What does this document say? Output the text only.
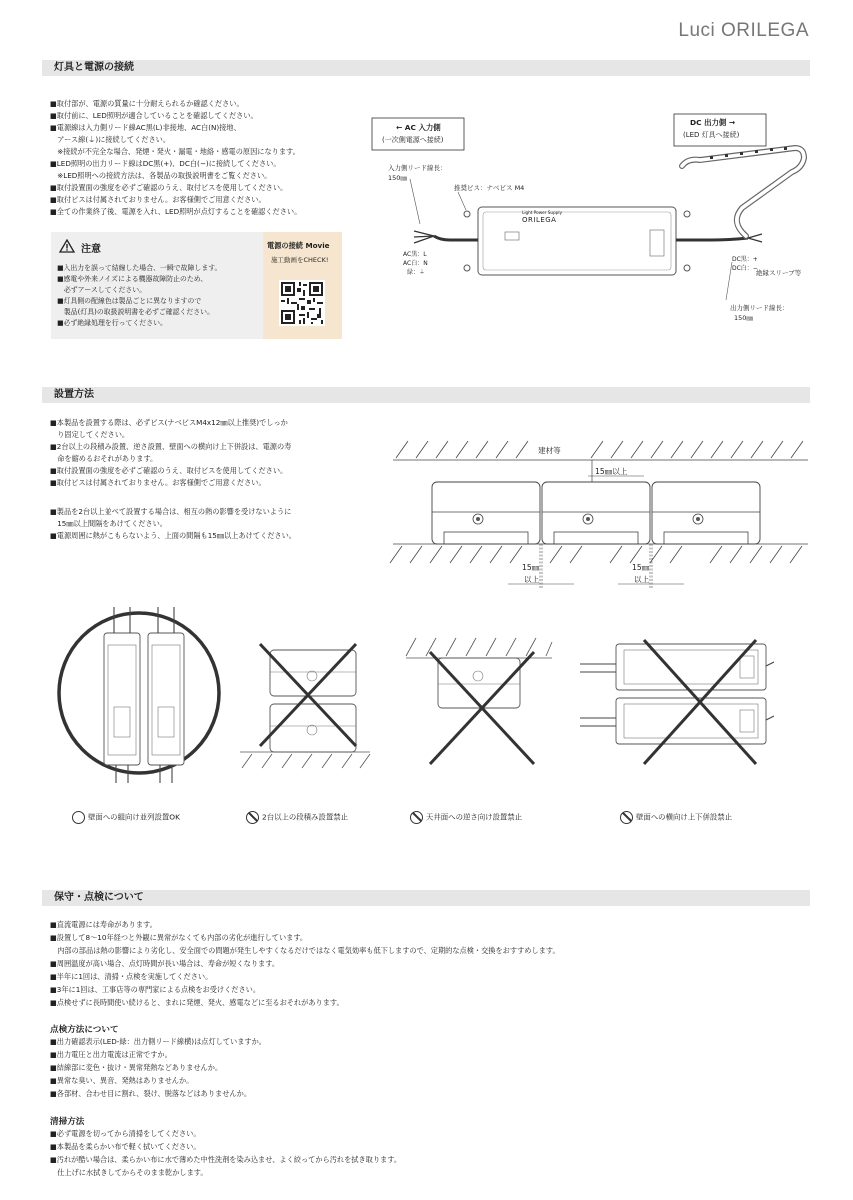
Luci ORILEGA
灯具と電源の接続
■取付部が、電源の質量に十分耐えられるか確認ください。
■取付前に、LED照明が適合していることを確認してください。
■電源線は入力側リード線AC黒(L)非接地、AC白(N)接地、
　アース線(⏚)に接続してください。
　※接続が不完全な場合、発煙・発火・漏電・地絡・感電の原因になります。
■LED照明の出力リード線はDC黒(+)、DC白(−)に接続してください。
　※LED照明への接続方法は、各製品の取扱説明書をご覧ください。
■取付設置面の強度を必ずご確認のうえ、取付ビスを使用してください。
■取付ビスは付属されておりません。お客様側でご用意ください。
■全ての作業終了後、電源を入れ、LED照明が点灯することを確認ください。
注意
■入出力を誤って結線した場合、一瞬で故障します。
■感電や外来ノイズによる機器故障防止のため、
　必ずアースしてください。
■灯具側の配線色は製品ごとに異なりますので
　製品(灯具)の取扱説明書を必ずご確認ください。
■必ず絶縁処理を行ってください。
電源の接続 Movie
施工動画をCHECK!
← AC 入力側
(一次側電源へ接続)
DC 出力側 →
(LED 灯具へ接続)
入力側リード線長：
150㎜
推奨ビス：ナベビス M4
AC黒：L
AC白：N
緑：⏚
DC黒：+
DC白：−
絶縁スリーブ等
出力側リード線長：
150㎜
Light Power Supply
ORILEGA
設置方法
■本製品を設置する際は、必ずビス(ナベビスM4x12㎜以上推奨)でしっか
　り固定してください。
■2台以上の段積み設置、逆さ設置、壁面への横向け上下併設は、電源の寿
　命を縮めるおそれがあります。
■取付設置面の強度を必ずご確認のうえ、取付ビスを使用してください。
■取付ビスは付属されておりません。お客様側でご用意ください。
■製品を2台以上並べて設置する場合は、相互の熱の影響を受けないように
　15㎜以上間隔をあけてください。
■電源周囲に熱がこもらないよう、上面の間隔も15㎜以上あけてください。
建材等
15㎜以上
15㎜
以上
15㎜
以上
壁面への縦向け並列設置OK	2台以上の段積み設置禁止	天井面への逆さ向け設置禁止	壁面への横向け上下併設禁止
保守・点検について
■直流電源には寿命があります。
■設置して8〜10年経つと外観に異常がなくても内部の劣化が進行しています。
　内部の部品は熱の影響により劣化し、安全面での問題が発生しやすくなるだけではなく電気効率も低下しますので、定期的な点検・交換をおすすめします。
■周囲温度が高い場合、点灯時間が長い場合は、寿命が短くなります。
■半年に1回は、清掃・点検を実施してください。
■3年に1回は、工事店等の専門家による点検をお受けください。
■点検せずに長時間使い続けると、まれに発煙、発火、感電などに至るおそれがあります。
点検方法について
■出力確認表示(LED-緑：出力側リード線横)は点灯していますか。
■出力電圧と出力電流は正常ですか。
■結線部に変色・抜け・異常発熱などありませんか。
■異常な臭い、異音、発熱はありませんか。
■各部材、合わせ目に割れ、裂け、脱落などはありませんか。
清掃方法
■必ず電源を切ってから清掃をしてください。
■本製品を柔らかい布で軽く拭いてください。
■汚れが酷い場合は、柔らかい布に水で薄めた中性洗剤を染み込ませ、よく絞ってから汚れを拭き取ります。
　仕上げに水拭きしてからそのまま乾かします。
